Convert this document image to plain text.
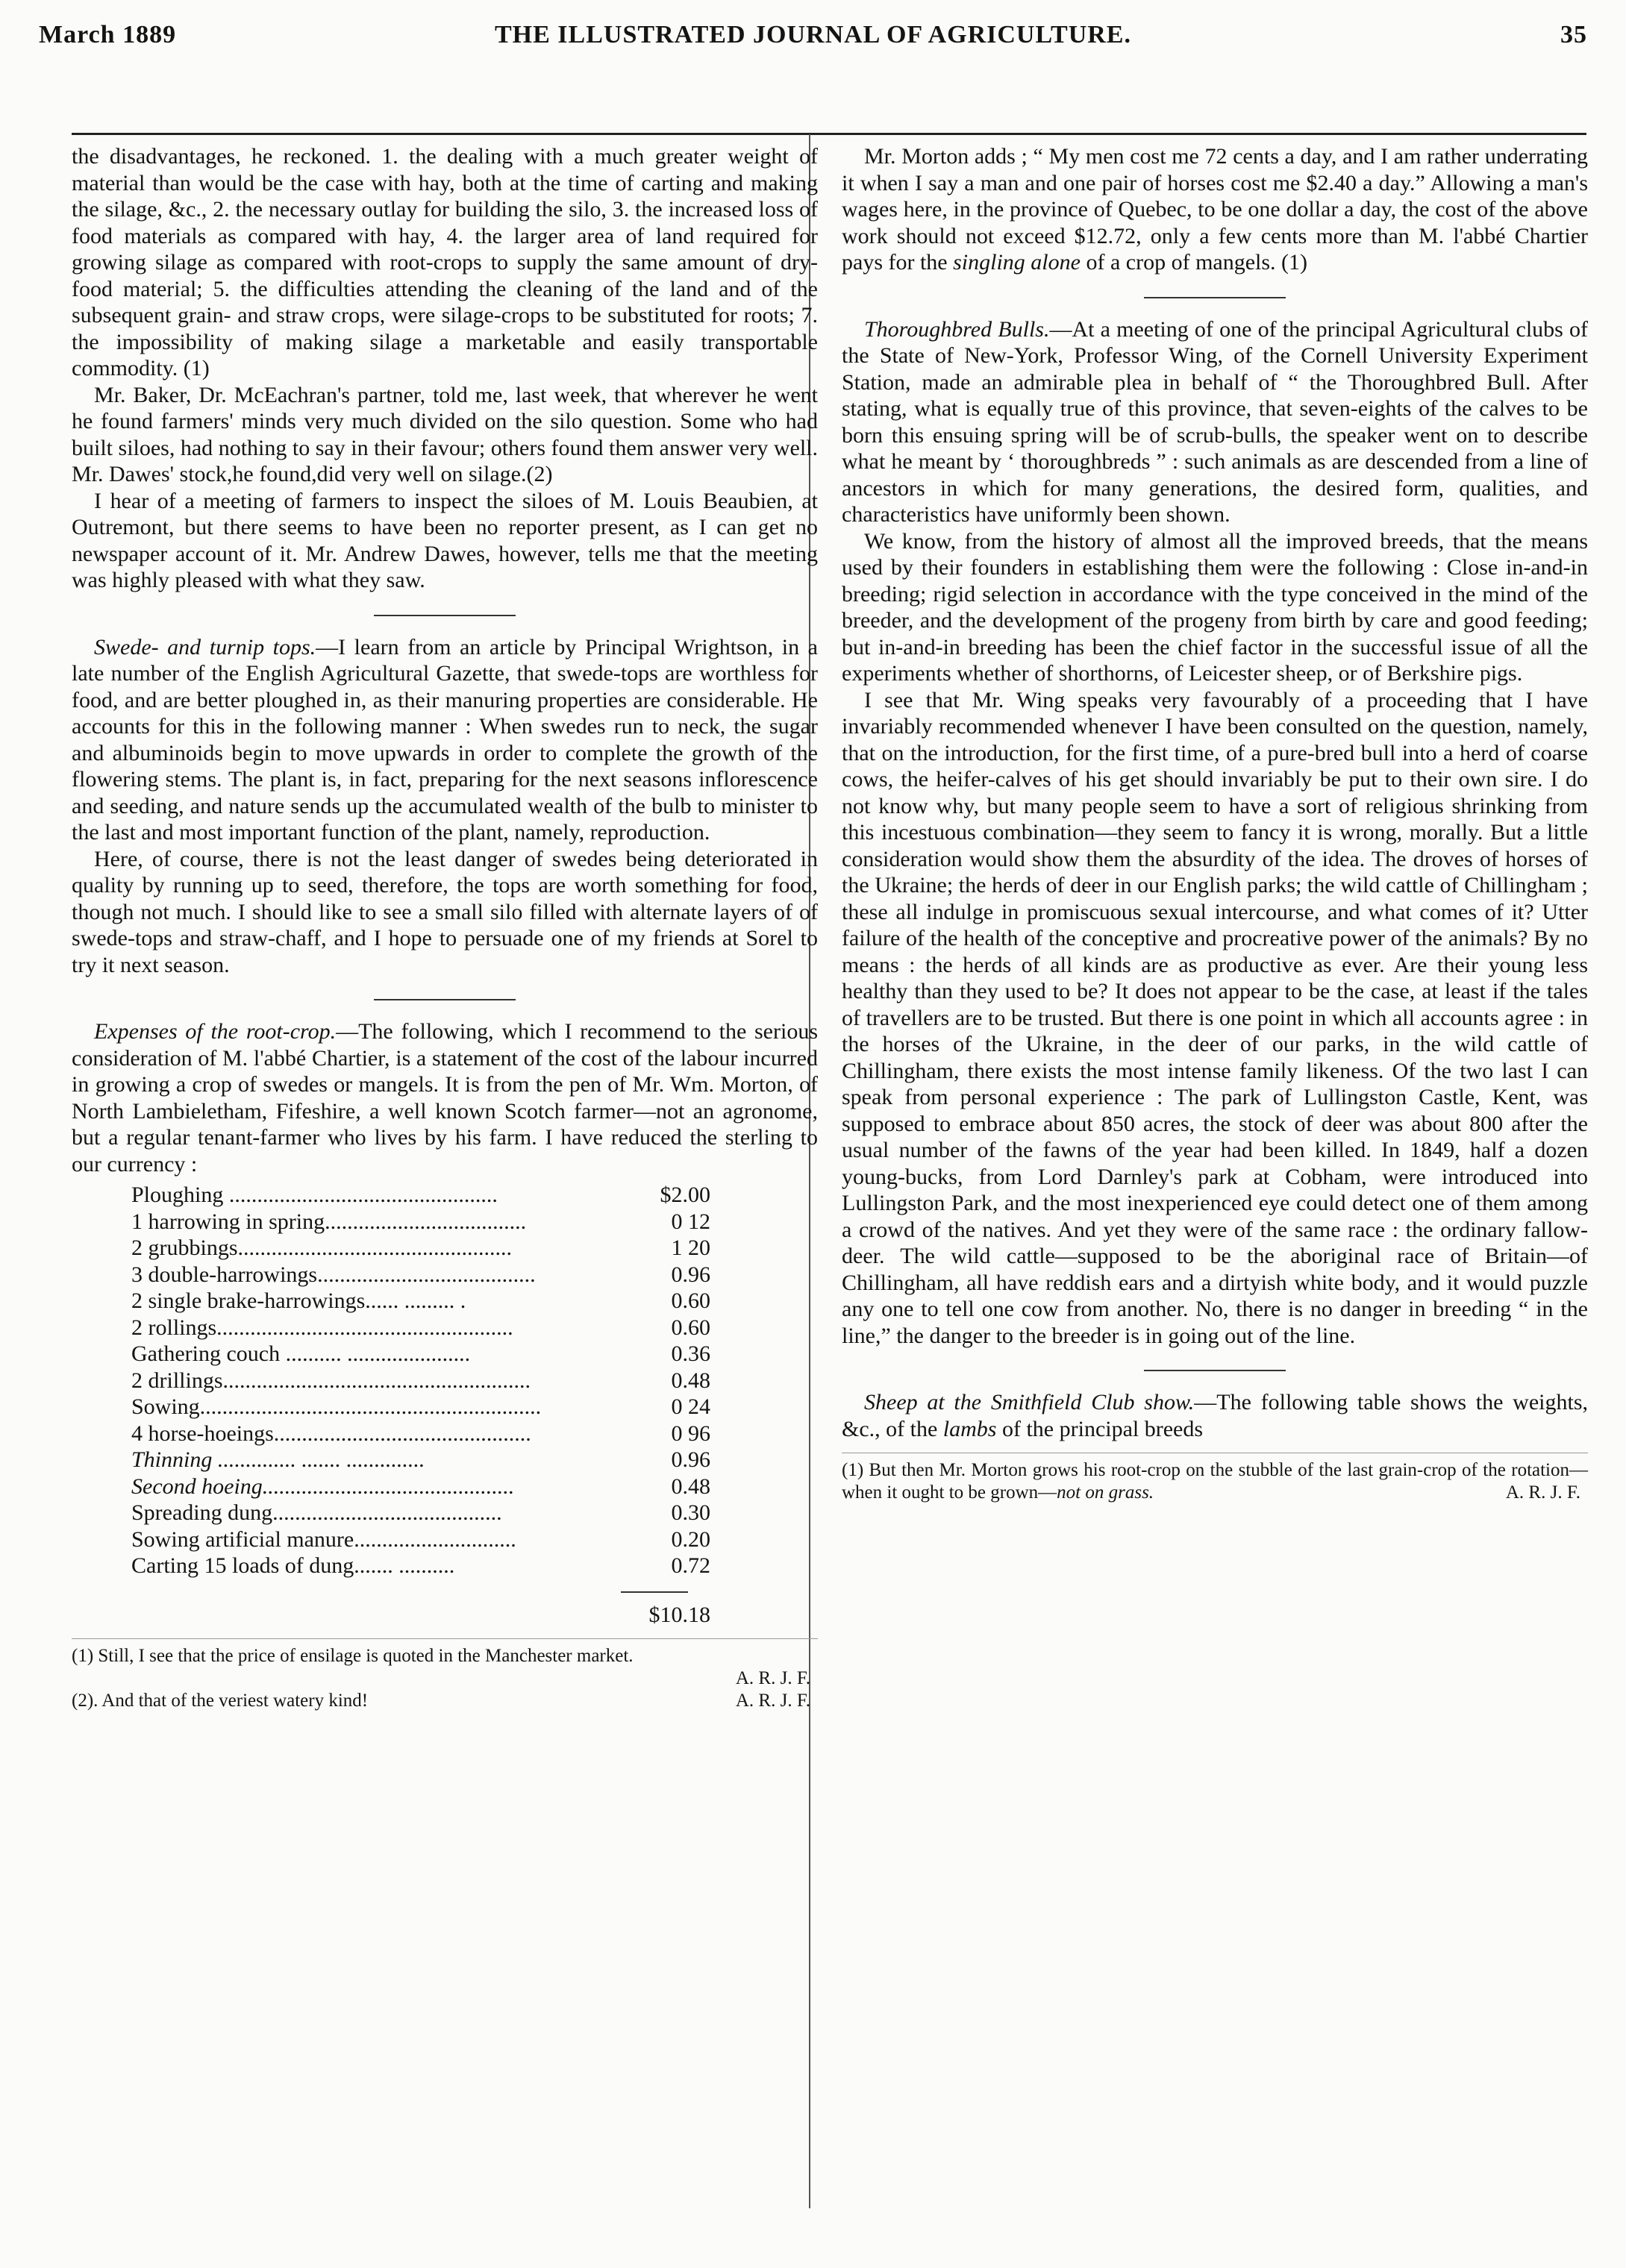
March 1889	THE ILLUSTRATED JOURNAL OF AGRICULTURE.	35

the disadvantages, he reckoned. 1. the dealing with a much greater weight of material than would be the case with hay, both at the time of carting and making the silage, &c., 2. the necessary outlay for building the silo, 3. the increased loss of food materials as compared with hay, 4. the larger area of land required for growing silage as compared with root-crops to supply the same amount of dry-food material; 5. the difficulties attending the cleaning of the land and of the subsequent grain- and straw crops, were silage-crops to be substituted for roots; 7. the impossibility of making silage a marketable and easily transportable commodity. (1)

Mr. Baker, Dr. McEachran's partner, told me, last week, that wherever he went he found farmers' minds very much divided on the silo question. Some who had built siloes, had nothing to say in their favour; others found them answer very well. Mr. Dawes' stock,he found,did very well on silage.(2)

I hear of a meeting of farmers to inspect the siloes of M. Louis Beaubien, at Outremont, but there seems to have been no reporter present, as I can get no newspaper account of it. Mr. Andrew Dawes, however, tells me that the meeting was highly pleased with what they saw.

Swede- and turnip tops.—I learn from an article by Principal Wrightson, in a late number of the English Agricultural Gazette, that swede-tops are worthless for food, and are better ploughed in, as their manuring properties are considerable. He accounts for this in the following manner : When swedes run to neck, the sugar and albuminoids begin to move upwards in order to complete the growth of the flowering stems. The plant is, in fact, preparing for the next seasons inflorescence and seeding, and nature sends up the accumulated wealth of the bulb to minister to the last and most important function of the plant, namely, reproduction.

Here, of course, there is not the least danger of swedes being deteriorated in quality by running up to seed, therefore, the tops are worth something for food, though not much. I should like to see a small silo filled with alternate layers of of swede-tops and straw-chaff, and I hope to persuade one of my friends at Sorel to try it next season.

Expenses of the root-crop.—The following, which I recommend to the serious consideration of M. l'abbé Chartier, is a statement of the cost of the labour incurred in growing a crop of swedes or mangels. It is from the pen of Mr. Wm. Morton, of North Lambieletham, Fifeshire, a well known Scotch farmer—not an agronome, but a regular tenant-farmer who lives by his farm. I have reduced the sterling to our currency :

Ploughing ................................................	$2.00
1 harrowing in spring....................................	0 12
2 grubbings.................................................	1 20
3 double-harrowings.......................................	0.96
2 single brake-harrowings...... ......... .	0.60
2 rollings.....................................................	0.60
Gathering couch .......... ......................	0.36
2 drillings.......................................................	0.48
Sowing.............................................................	0 24
4 horse-hoeings..............................................	0 96
Thinning .............. ....... ..............	0.96
Second hoeing.............................................	0.48
Spreading dung.........................................	0.30
Sowing artificial manure.............................	0.20
Carting 15 loads of dung....... ..........	0.72
$10.18
(1) Still, I see that the price of ensilage is quoted in the Manchester market.

A. R. J. F.

(2). And that of the veriest watery kind!	A. R. J. F.

Mr. Morton adds ; “ My men cost me 72 cents a day, and I am rather underrating it when I say a man and one pair of horses cost me $2.40 a day.” Allowing a man's wages here, in the province of Quebec, to be one dollar a day, the cost of the above work should not exceed $12.72, only a few cents more than M. l'abbé Chartier pays for the singling alone of a crop of mangels. (1)

Thoroughbred Bulls.—At a meeting of one of the principal Agricultural clubs of the State of New-York, Professor Wing, of the Cornell University Experiment Station, made an admirable plea in behalf of “ the Thoroughbred Bull. After stating, what is equally true of this province, that seven-eights of the calves to be born this ensuing spring will be of scrub-bulls, the speaker went on to describe what he meant by ‘ thoroughbreds ” : such animals as are descended from a line of ancestors in which for many generations, the desired form, qualities, and characteristics have uniformly been shown.

We know, from the history of almost all the improved breeds, that the means used by their founders in establishing them were the following : Close in-and-in breeding; rigid selection in accordance with the type conceived in the mind of the breeder, and the development of the progeny from birth by care and good feeding; but in-and-in breeding has been the chief factor in the successful issue of all the experiments whether of shorthorns, of Leicester sheep, or of Berkshire pigs.

I see that Mr. Wing speaks very favourably of a proceeding that I have invariably recommended whenever I have been consulted on the question, namely, that on the introduction, for the first time, of a pure-bred bull into a herd of coarse cows, the heifer-calves of his get should invariably be put to their own sire. I do not know why, but many people seem to have a sort of religious shrinking from this incestuous combination—they seem to fancy it is wrong, morally. But a little consideration would show them the absurdity of the idea. The droves of horses of the Ukraine; the herds of deer in our English parks; the wild cattle of Chillingham ; these all indulge in promiscuous sexual intercourse, and what comes of it? Utter failure of the health of the conceptive and procreative power of the animals? By no means : the herds of all kinds are as productive as ever. Are their young less healthy than they used to be? It does not appear to be the case, at least if the tales of travellers are to be trusted. But there is one point in which all accounts agree : in the horses of the Ukraine, in the deer of our parks, in the wild cattle of Chillingham, there exists the most intense family likeness. Of the two last I can speak from personal experience : The park of Lullingston Castle, Kent, was supposed to embrace about 850 acres, the stock of deer was about 800 after the usual number of the fawns of the year had been killed. In 1849, half a dozen young-bucks, from Lord Darnley's park at Cobham, were introduced into Lullingston Park, and the most inexperienced eye could detect one of them among a crowd of the natives. And yet they were of the same race : the ordinary fallow-deer. The wild cattle—supposed to be the aboriginal race of Britain—of Chillingham, all have reddish ears and a dirtyish white body, and it would puzzle any one to tell one cow from another. No, there is no danger in breeding “ in the line,” the danger to the breeder is in going out of the line.

Sheep at the Smithfield Club show.—The following table shows the weights, &c., of the lambs of the principal breeds

(1) But then Mr. Morton grows his root-crop on the stubble of the last grain-crop of the rotation—when it ought to be grown—not on grass.	A. R. J. F.
